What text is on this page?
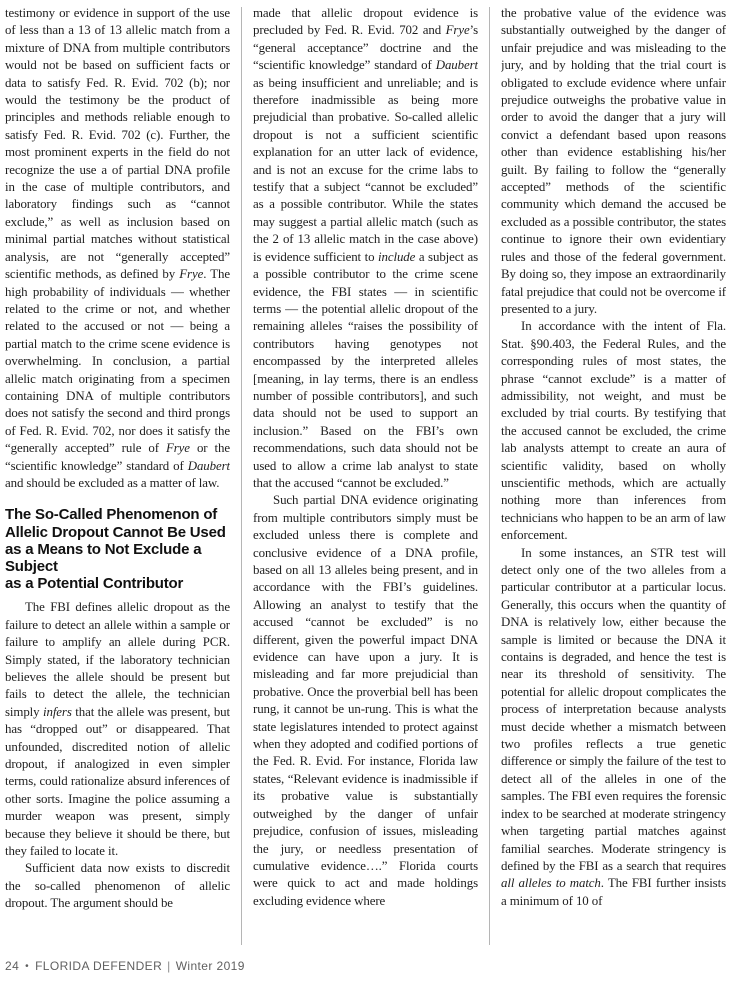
testimony or evidence in support of the use of less than a 13 of 13 allelic match from a mixture of DNA from multiple contributors would not be based on sufficient facts or data to satisfy Fed. R. Evid. 702 (b); nor would the testimony be the product of principles and methods reliable enough to satisfy Fed. R. Evid. 702 (c). Further, the most prominent experts in the field do not recognize the use a of partial DNA profile in the case of multiple contributors, and laboratory findings such as “cannot exclude,” as well as inclusion based on minimal partial matches without statistical analysis, are not “generally accepted” scientific methods, as defined by Frye. The high probability of individuals — whether related to the crime or not, and whether related to the accused or not — being a partial match to the crime scene evidence is overwhelming. In conclusion, a partial allelic match originating from a specimen containing DNA of multiple contributors does not satisfy the second and third prongs of Fed. R. Evid. 702, nor does it satisfy the “generally accepted” rule of Frye or the “scientific knowledge” standard of Daubert and should be excluded as a matter of law.

The So-Called Phenomenon of
Allelic Dropout Cannot Be Used
as a Means to Not Exclude a Subject
as a Potential Contributor

The FBI defines allelic dropout as the failure to detect an allele within a sample or failure to amplify an allele during PCR. Simply stated, if the laboratory technician believes the allele should be present but fails to detect the allele, the technician simply infers that the allele was present, but has “dropped out” or disappeared. That unfounded, discredited notion of allelic dropout, if analogized in even simpler terms, could rationalize absurd inferences of other sorts. Imagine the police assuming a murder weapon was present, simply because they believe it should be there, but they failed to locate it.

Sufficient data now exists to discredit the so-called phenomenon of allelic dropout. The argument should be

made that allelic dropout evidence is precluded by Fed. R. Evid. 702 and Frye’s “general acceptance” doctrine and the “scientific knowledge” standard of Daubert as being insufficient and unreliable; and is therefore inadmissible as being more prejudicial than probative. So-called allelic dropout is not a sufficient scientific explanation for an utter lack of evidence, and is not an excuse for the crime labs to testify that a subject “cannot be excluded” as a possible contributor. While the states may suggest a partial allelic match (such as the 2 of 13 allelic match in the case above) is evidence sufficient to include a subject as a possible contributor to the crime scene evidence, the FBI states — in scientific terms — the potential allelic dropout of the remaining alleles “raises the possibility of contributors having genotypes not encompassed by the interpreted alleles [meaning, in lay terms, there is an endless number of possible contributors], and such data should not be used to support an inclusion.” Based on the FBI’s own recommendations, such data should not be used to allow a crime lab analyst to state that the accused “cannot be excluded.”

Such partial DNA evidence originating from multiple contributors simply must be excluded unless there is complete and conclusive evidence of a DNA profile, based on all 13 alleles being present, and in accordance with the FBI’s guidelines. Allowing an analyst to testify that the accused “cannot be excluded” is no different, given the powerful impact DNA evidence can have upon a jury. It is misleading and far more prejudicial than probative. Once the proverbial bell has been rung, it cannot be un-rung. This is what the state legislatures intended to protect against when they adopted and codified portions of the Fed. R. Evid. For instance, Florida law states, “Relevant evidence is inadmissible if its probative value is substantially outweighed by the danger of unfair prejudice, confusion of issues, misleading the jury, or needless presentation of cumulative evidence….” Florida courts were quick to act and made holdings excluding evidence where

the probative value of the evidence was substantially outweighed by the danger of unfair prejudice and was misleading to the jury, and by holding that the trial court is obligated to exclude evidence where unfair prejudice outweighs the probative value in order to avoid the danger that a jury will convict a defendant based upon reasons other than evidence establishing his/her guilt. By failing to follow the “generally accepted” methods of the scientific community which demand the accused be excluded as a possible contributor, the states continue to ignore their own evidentiary rules and those of the federal government. By doing so, they impose an extraordinarily fatal prejudice that could not be overcome if presented to a jury.

In accordance with the intent of Fla. Stat. §90.403, the Federal Rules, and the corresponding rules of most states, the phrase “cannot exclude” is a matter of admissibility, not weight, and must be excluded by trial courts. By testifying that the accused cannot be excluded, the crime lab analysts attempt to create an aura of scientific validity, based on wholly unscientific methods, which are actually nothing more than inferences from technicians who happen to be an arm of law enforcement.

In some instances, an STR test will detect only one of the two alleles from a particular contributor at a particular locus. Generally, this occurs when the quantity of DNA is relatively low, either because the sample is limited or because the DNA it contains is degraded, and hence the test is near its threshold of sensitivity. The potential for allelic dropout complicates the process of interpretation because analysts must decide whether a mismatch between two profiles reflects a true genetic difference or simply the failure of the test to detect all of the alleles in one of the samples. The FBI even requires the forensic index to be searched at moderate stringency when targeting partial matches against familial searches. Moderate stringency is defined by the FBI as a search that requires all alleles to match. The FBI further insists a minimum of 10 of

24 • FLORIDA DEFENDER | Winter 2019
